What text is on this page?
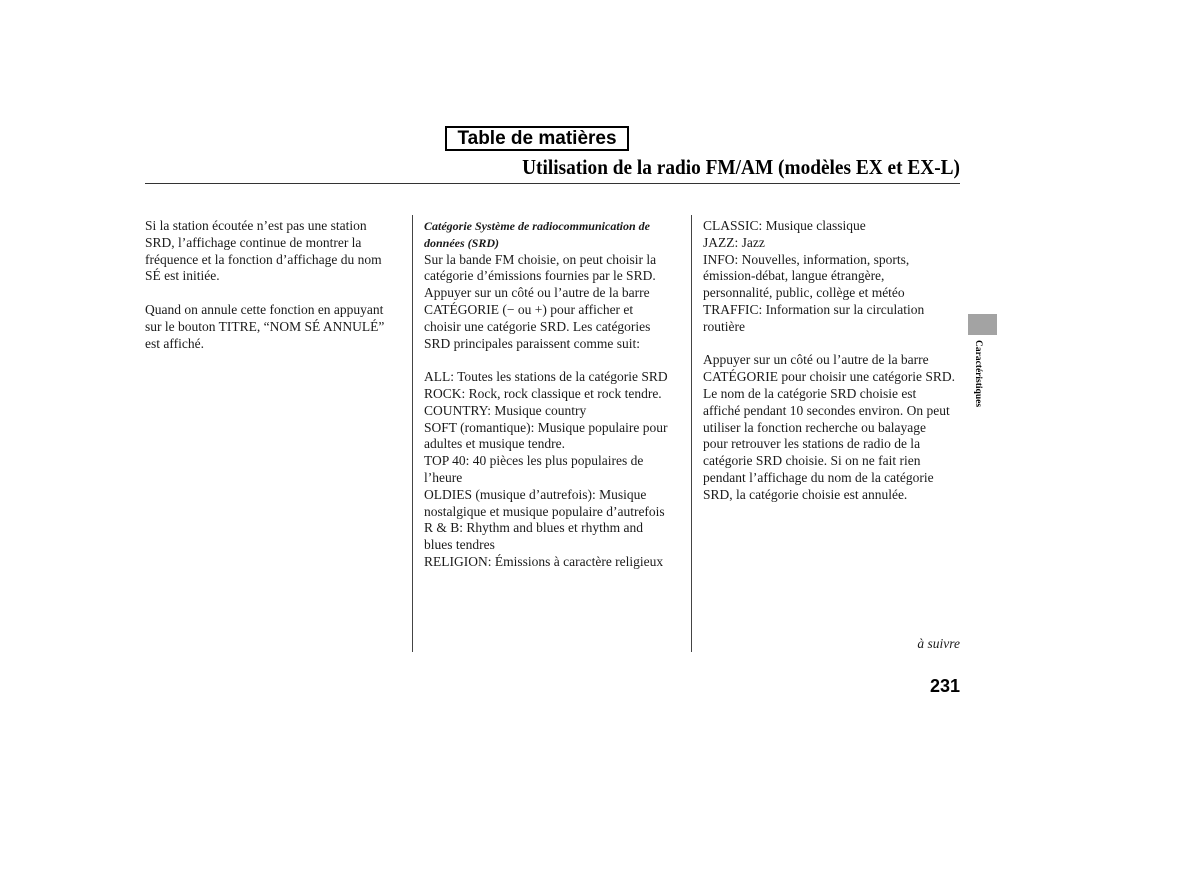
Table de matières
Utilisation de la radio FM/AM (modèles EX et EX-L)
Si la station écoutée n’est pas une station
SRD, l’affichage continue de montrer la
fréquence et la fonction d’affichage du nom
SÉ est initiée.
Quand on annule cette fonction en appuyant
sur le bouton TITRE, “NOM SÉ ANNULÉ”
est affiché.
Catégorie Système de radiocommunication de
données (SRD)
Sur la bande FM choisie, on peut choisir la
catégorie d’émissions fournies par le SRD.
Appuyer sur un côté ou l’autre de la barre
CATÉGORIE (− ou +) pour afficher et
choisir une catégorie SRD. Les catégories
SRD principales paraissent comme suit:
ALL: Toutes les stations de la catégorie SRD
ROCK: Rock, rock classique et rock tendre.
COUNTRY: Musique country
SOFT (romantique): Musique populaire pour
adultes et musique tendre.
TOP 40: 40 pièces les plus populaires de
l’heure
OLDIES (musique d’autrefois): Musique
nostalgique et musique populaire d’autrefois
R & B: Rhythm and blues et rhythm and
blues tendres
RELIGION: Émissions à caractère religieux
CLASSIC: Musique classique
JAZZ: Jazz
INFO: Nouvelles, information, sports,
émission-débat, langue étrangère,
personnalité, public, collège et météo
TRAFFIC: Information sur la circulation
routière
Appuyer sur un côté ou l’autre de la barre
CATÉGORIE pour choisir une catégorie SRD.
Le nom de la catégorie SRD choisie est
affiché pendant 10 secondes environ. On peut
utiliser la fonction recherche ou balayage
pour retrouver les stations de radio de la
catégorie SRD choisie. Si on ne fait rien
pendant l’affichage du nom de la catégorie
SRD, la catégorie choisie est annulée.
Caractéristiques
à suivre
231
